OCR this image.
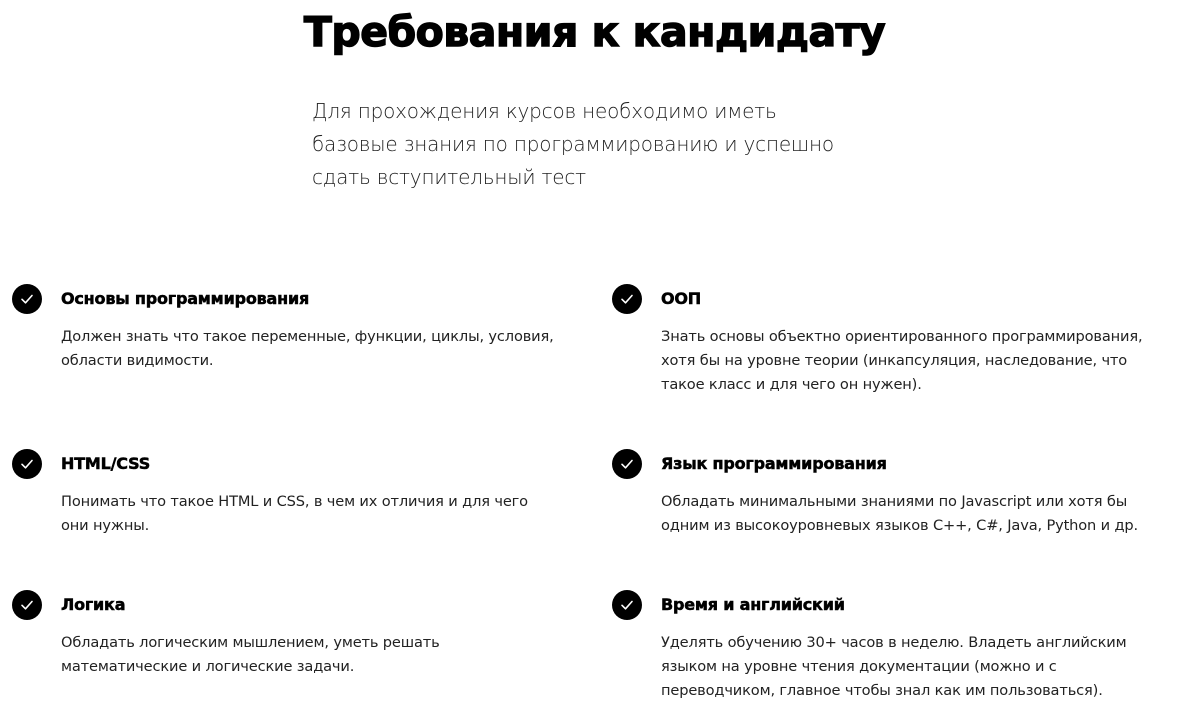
Требования к кандидату

Для прохождения курсов необходимо иметь
базовые знания по программированию и успешно
сдать вступительный тест

Основы программирования
Должен знать что такое переменные, функции, циклы, условия,
области видимости.
ООП
Знать основы объектно ориентированного программирования,
хотя бы на уровне теории (инкапсуляция, наследование, что
такое класс и для чего он нужен).
HTML/CSS
Понимать что такое HTML и CSS, в чем их отличия и для чего
они нужны.
Язык программирования
Обладать минимальными знаниями по Javascript или хотя бы
одним из высокоуровневых языков C++, C#, Java, Python и др.
Логика
Обладать логическим мышлением, уметь решать
математические и логические задачи.
Время и английский
Уделять обучению 30+ часов в неделю. Владеть английским
языком на уровне чтения документации (можно и с
переводчиком, главное чтобы знал как им пользоваться).
